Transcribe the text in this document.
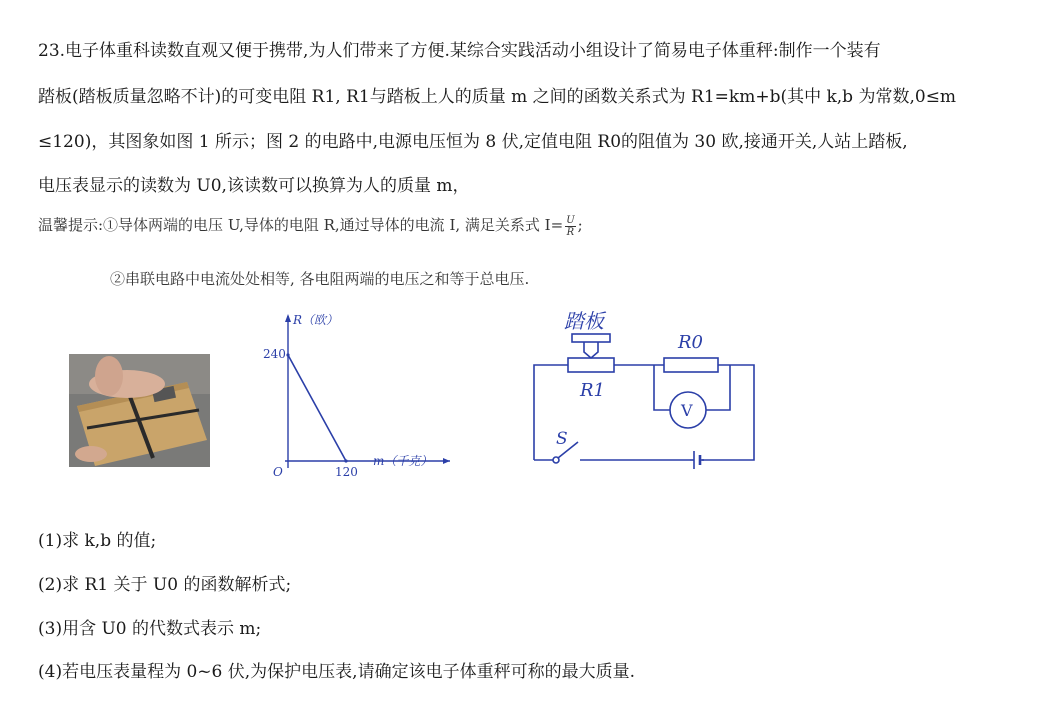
23.电子体重科读数直观又便于携带,为人们带来了方便.某综合实践活动小组设计了简易电子体重秤:制作一个装有
踏板(踏板质量忽略不计)的可变电阻 R1, R1与踏板上人的质量 m 之间的函数关系式为 R1=km+b(其中 k,b 为常数,0≤m
≤120)，其图象如图 1 所示；图 2 的电路中,电源电压恒为 8 伏,定值电阻 R0的阻值为 30 欧,接通开关,人站上踏板,
电压表显示的读数为 U0,该读数可以换算为人的质量 m，
温馨提示:①导体两端的电压 U,导体的电阻 R,通过导体的电流 I, 满足关系式 $I= \frac{U}{R}$ ;
②串联电路中电流处处相等, 各电阻两端的电压之和等于总电压.
R（欧）
m（千克）
O
240
120
踏板
R1
R0
V
S
(1)求 k,b 的值;
(2)求 R1 关于 U0 的函数解析式;
(3)用含 U0 的代数式表示 m;
(4)若电压表量程为 0~6 伏,为保护电压表,请确定该电子体重秤可称的最大质量.
